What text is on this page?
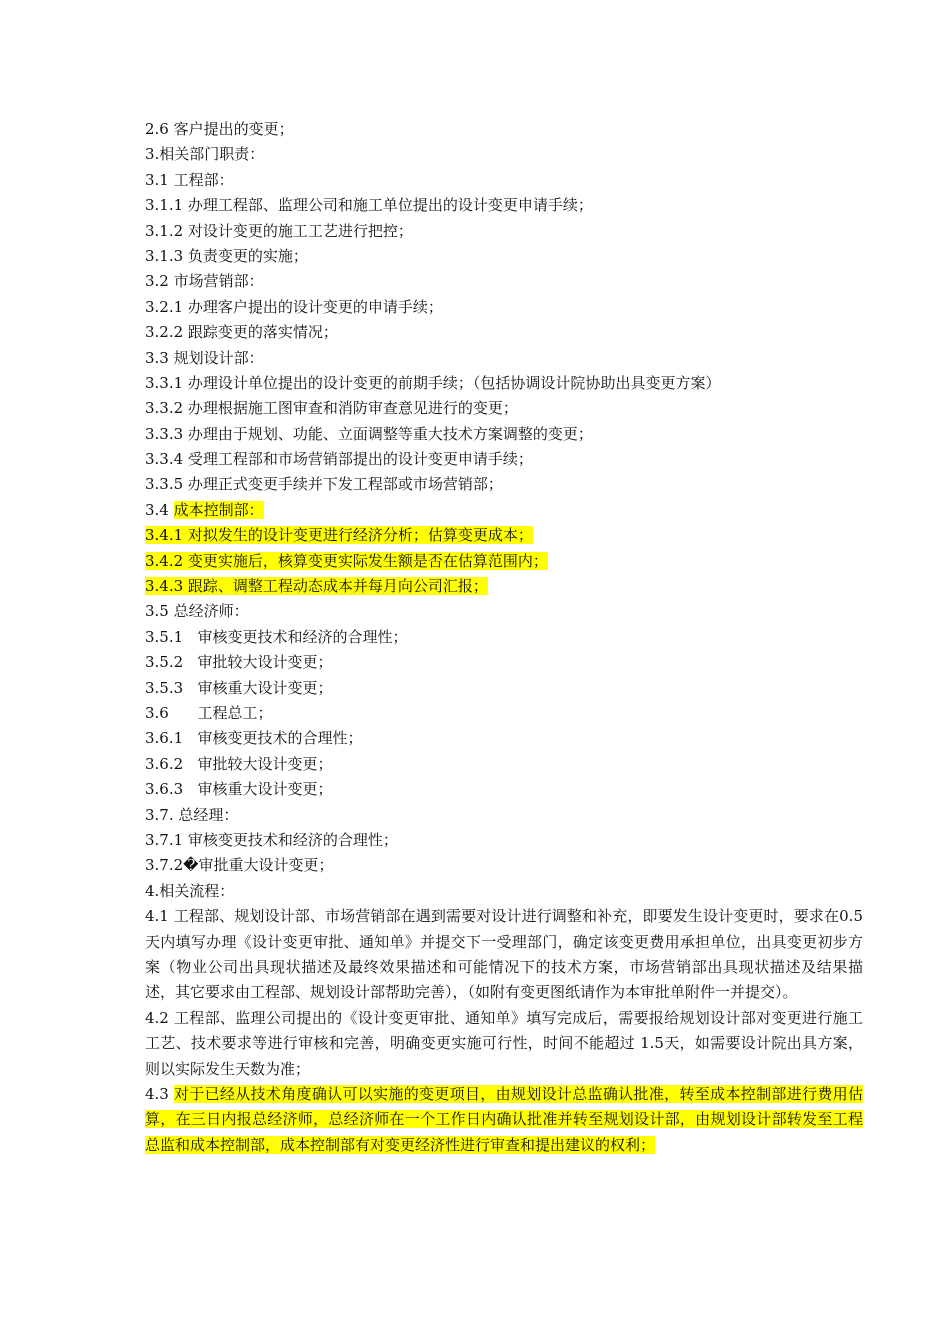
2.6 客户提出的变更；
3.相关部门职责：
3.1 工程部：
3.1.1 办理工程部、监理公司和施工单位提出的设计变更申请手续；
3.1.2 对设计变更的施工工艺进行把控；
3.1.3 负责变更的实施；
3.2 市场营销部：
3.2.1 办理客户提出的设计变更的申请手续；
3.2.2 跟踪变更的落实情况；
3.3 规划设计部：
3.3.1 办理设计单位提出的设计变更的前期手续；（包括协调设计院协助出具变更方案）
3.3.2 办理根据施工图审查和消防审查意见进行的变更；
3.3.3 办理由于规划、功能、立面调整等重大技术方案调整的变更；
3.3.4 受理工程部和市场营销部提出的设计变更申请手续；
3.3.5 办理正式变更手续并下发工程部或市场营销部；
3.4 成本控制部：
3.4.1 对拟发生的设计变更进行经济分析；估算变更成本；
3.4.2 变更实施后，核算变更实际发生额是否在估算范围内；
3.4.3 跟踪、调整工程动态成本并每月向公司汇报；
3.5 总经济师：
3.5.1   审核变更技术和经济的合理性；
3.5.2   审批较大设计变更；
3.5.3   审核重大设计变更；
3.6      工程总工；
3.6.1   审核变更技术的合理性；
3.6.2   审批较大设计变更；
3.6.3   审核重大设计变更；
3.7. 总经理：
3.7.1 审核变更技术和经济的合理性；
3.7.2�审批重大设计变更；
4.相关流程：
4.1 工程部、规划设计部、市场营销部在遇到需要对设计进行调整和补充，即要发生设计变更时，要求在0.5天内填写办理《设计变更审批、通知单》并提交下一受理部门，确定该变更费用承担单位，出具变更初步方案（物业公司出具现状描述及最终效果描述和可能情况下的技术方案，市场营销部出具现状描述及结果描述，其它要求由工程部、规划设计部帮助完善），（如附有变更图纸请作为本审批单附件一并提交）。
4.2 工程部、监理公司提出的《设计变更审批、通知单》填写完成后，需要报给规划设计部对变更进行施工工艺、技术要求等进行审核和完善，明确变更实施可行性，时间不能超过 1.5天，如需要设计院出具方案，则以实际发生天数为准；
4.3 对于已经从技术角度确认可以实施的变更项目，由规划设计总监确认批准，转至成本控制部进行费用估算，在三日内报总经济师，总经济师在一个工作日内确认批准并转至规划设计部，由规划设计部转发至工程总监和成本控制部，成本控制部有对变更经济性进行审查和提出建议的权利；
